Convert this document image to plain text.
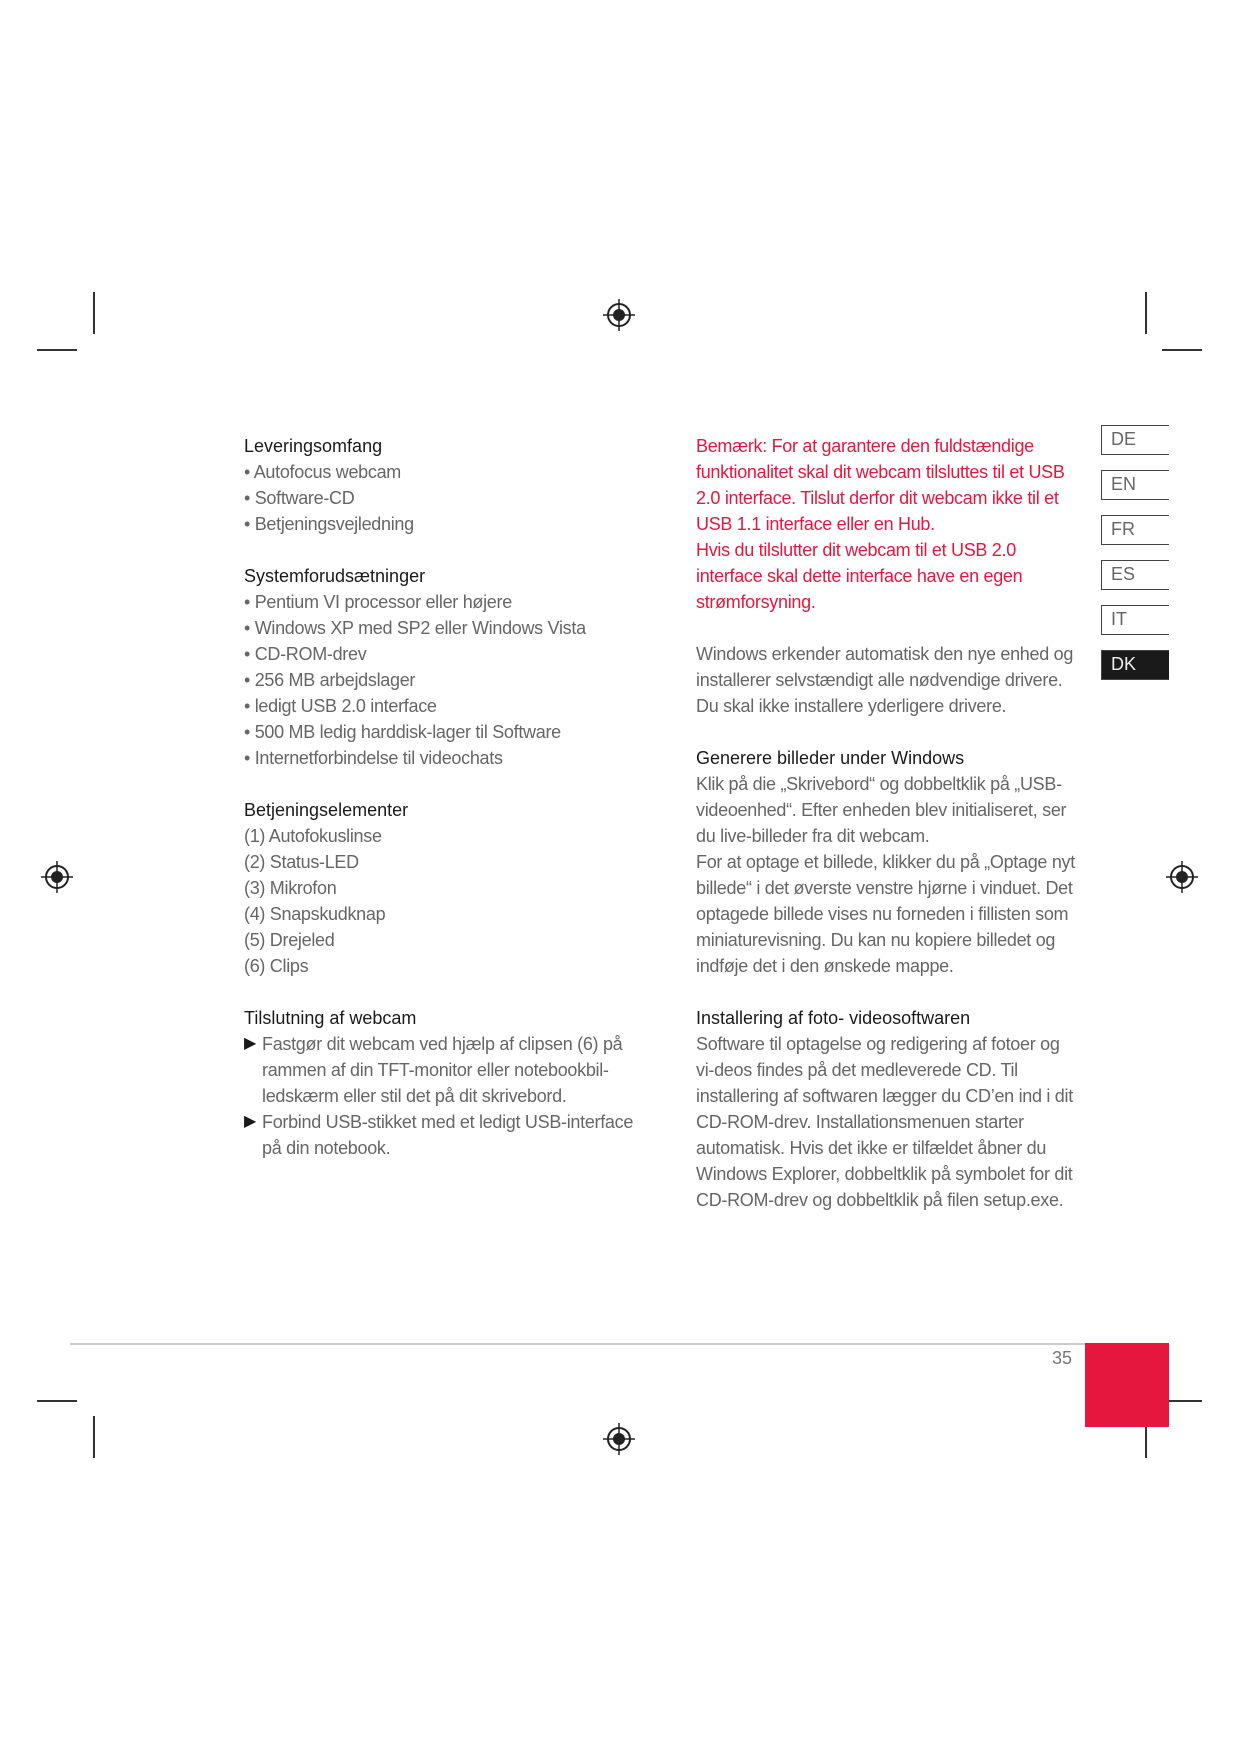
Leveringsomfang
• Autofocus webcam
• Software-CD
• Betjeningsvejledning
Systemforudsætninger
• Pentium VI processor eller højere
• Windows XP med SP2 eller Windows Vista
• CD-ROM-drev
• 256 MB arbejdslager
• ledigt USB 2.0 interface
• 500 MB ledig harddisk-lager til Software
• Internetforbindelse til videochats
Betjeningselementer
(1) Autofokuslinse
(2) Status-LED
(3) Mikrofon
(4) Snapskudknap
(5) Drejeled
(6) Clips
Tilslutning af webcam
▶ Fastgør dit webcam ved hjælp af clipsen (6) på rammen af din TFT-monitor eller notebookbil-ledskærm eller stil det på dit skrivebord.
▶ Forbind USB-stikket med et ledigt USB-interface på din notebook.

Bemærk: For at garantere den fuldstændige funktionalitet skal dit webcam tilsluttes til et USB 2.0 interface. Tilslut derfor dit webcam ikke til et USB 1.1 interface eller en Hub.

Hvis du tilslutter dit webcam til et USB 2.0 interface skal dette interface have en egen strømforsyning.

Windows erkender automatisk den nye enhed og installerer selvstændigt alle nødvendige drivere. Du skal ikke installere yderligere drivere.

Generere billeder under Windows

Klik på die „Skrivebord“ og dobbeltklik på „USB-videoenhed“. Efter enheden blev initialiseret, ser du live-billeder fra dit webcam.

For at optage et billede, klikker du på „Optage nyt billede“ i det øverste venstre hjørne i vinduet. Det optagede billede vises nu forneden i fillisten som miniaturevisning. Du kan nu kopiere billedet og indføje det i den ønskede mappe.

Installering af foto- videosoftwaren

Software til optagelse og redigering af fotoer og vi-deos findes på det medleverede CD. Til installering af softwaren lægger du CD’en ind i dit CD-ROM-drev. Installationsmenuen starter automatisk. Hvis det ikke er tilfældet åbner du Windows Explorer, dobbeltklik på symbolet for dit CD-ROM-drev og dobbeltklik på filen setup.exe.

DE
EN
FR
ES
IT
DK
35
